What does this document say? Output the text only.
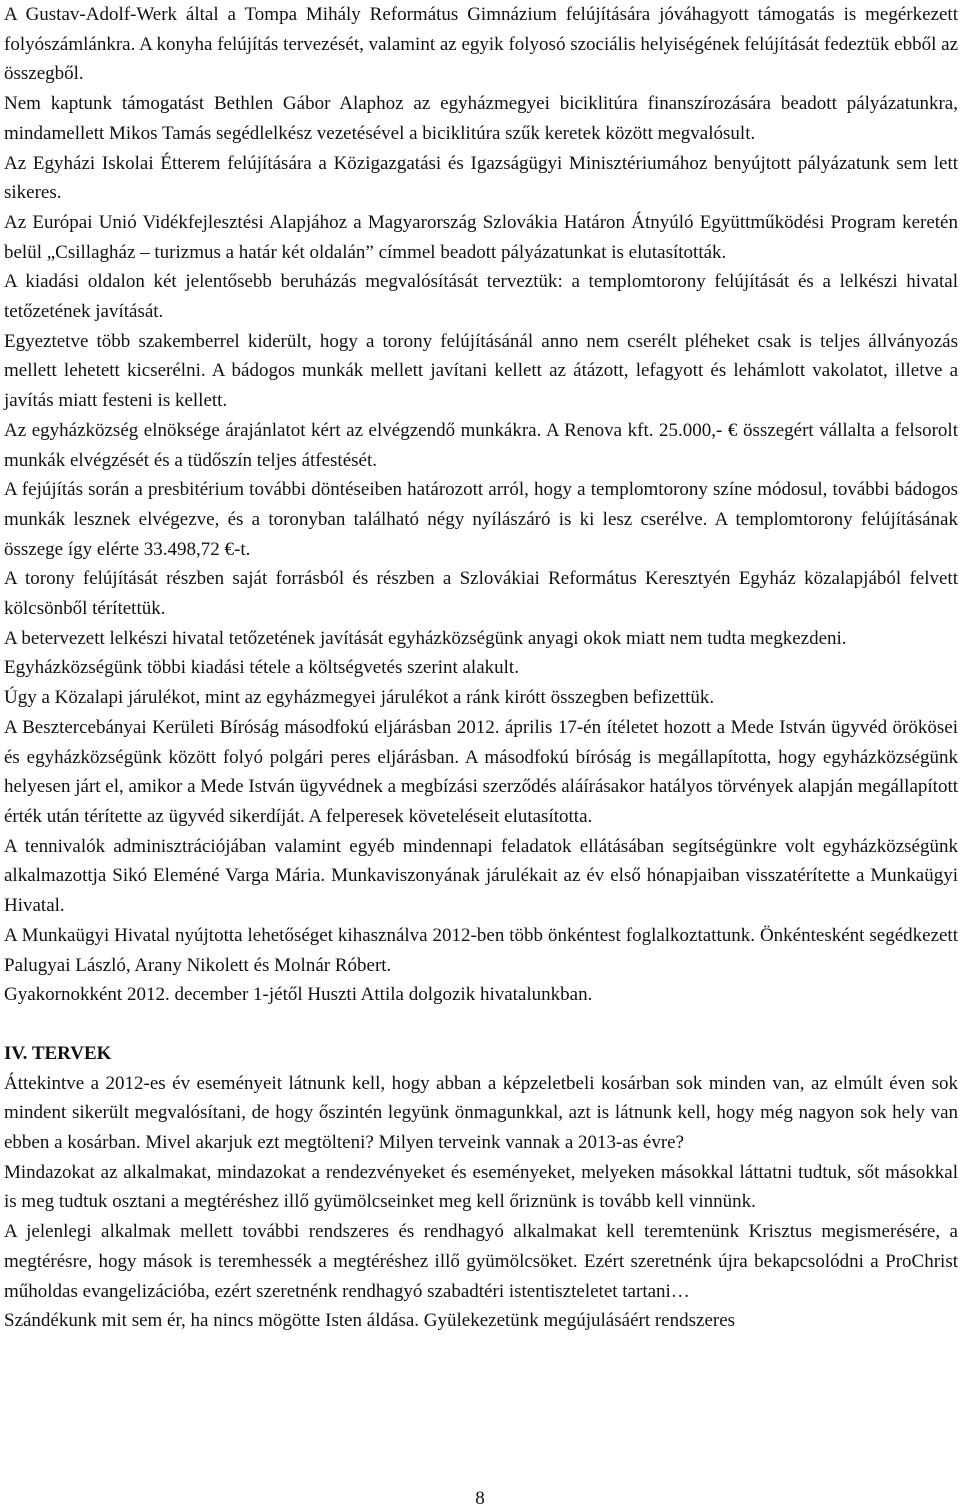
A Gustav-Adolf-Werk által a Tompa Mihály Református Gimnázium felújítására jóváhagyott támogatás is megérkezett folyószámlánkra. A konyha felújítás tervezését, valamint az egyik folyosó szociális helyiségének felújítását fedeztük ebből az összegből.

Nem kaptunk támogatást Bethlen Gábor Alaphoz az egyházmegyei biciklitúra finanszírozására beadott pályázatunkra, mindamellett Mikos Tamás segédlelkész vezetésével a biciklitúra szűk keretek között megvalósult.

Az Egyházi Iskolai Étterem felújítására a Közigazgatási és Igazságügyi Minisztériumához benyújtott pályázatunk sem lett sikeres.

Az Európai Unió Vidékfejlesztési Alapjához a Magyarország Szlovákia Határon Átnyúló Együttműködési Program keretén belül „Csillagház – turizmus a határ két oldalán” címmel beadott pályázatunkat is elutasították.

A kiadási oldalon két jelentősebb beruházás megvalósítását terveztük: a templomtorony felújítását és a lelkészi hivatal tetőzetének javítását.

Egyeztetve több szakemberrel kiderült, hogy a torony felújításánál anno nem cserélt pléheket csak is teljes állványozás mellett lehetett kicserélni. A bádogos munkák mellett javítani kellett az átázott, lefagyott és lehámlott vakolatot, illetve a javítás miatt festeni is kellett.

Az egyházközség elnöksége árajánlatot kért az elvégzendő munkákra. A Renova kft. 25.000,- € összegért vállalta a felsorolt munkák elvégzését és a tüdőszín teljes átfestését.

A fejújítás során a presbitérium további döntéseiben határozott arról, hogy a templomtorony színe módosul, további bádogos munkák lesznek elvégezve, és a toronyban található négy nyílászáró is ki lesz cserélve. A templomtorony felújításának összege így elérte 33.498,72 €-t.

A torony felújítását részben saját forrásból és részben a Szlovákiai Református Keresztyén Egyház közalapjából felvett kölcsönből térítettük.

A betervezett lelkészi hivatal tetőzetének javítását egyházközségünk anyagi okok miatt nem tudta megkezdeni.

Egyházközségünk többi kiadási tétele a költségvetés szerint alakult.

Úgy a Közalapi járulékot, mint az egyházmegyei járulékot a ránk kirótt összegben befizettük.

A Besztercebányai Kerületi Bíróság másodfokú eljárásban 2012. április 17-én ítéletet hozott a Mede István ügyvéd örökösei és egyházközségünk között folyó polgári peres eljárásban. A másodfokú bíróság is megállapította, hogy egyházközségünk helyesen járt el, amikor a Mede István ügyvédnek a megbízási szerződés aláírásakor hatályos törvények alapján megállapított érték után térítette az ügyvéd sikerdíját. A felperesek követeléseit elutasította.

A tennivalók adminisztrációjában valamint egyéb mindennapi feladatok ellátásában segítségünkre volt egyházközségünk alkalmazottja Sikó Eleméné Varga Mária. Munkaviszonyának járulékait az év első hónapjaiban visszatérítette a Munkaügyi Hivatal.

A Munkaügyi Hivatal nyújtotta lehetőséget kihasználva 2012-ben több önkéntest foglalkoztattunk. Önkéntesként segédkezett Palugyai László, Arany Nikolett és Molnár Róbert.

Gyakornokként 2012. december 1-jétől Huszti Attila dolgozik hivatalunkban.

IV. TERVEK

Áttekintve a 2012-es év eseményeit látnunk kell, hogy abban a képzeletbeli kosárban sok minden van, az elmúlt éven sok mindent sikerült megvalósítani, de hogy őszintén legyünk önmagunkkal, azt is látnunk kell, hogy még nagyon sok hely van ebben a kosárban. Mivel akarjuk ezt megtölteni? Milyen terveink vannak a 2013-as évre?

Mindazokat az alkalmakat, mindazokat a rendezvényeket és eseményeket, melyeken másokkal láttatni tudtuk, sőt másokkal is meg tudtuk osztani a megtéréshez illő gyümölcseinket meg kell őriznünk is tovább kell vinnünk.

A jelenlegi alkalmak mellett további rendszeres és rendhagyó alkalmakat kell teremtenünk Krisztus megismerésére, a megtérésre, hogy mások is teremhessék a megtéréshez illő gyümölcsöket. Ezért szeretnénk újra bekapcsolódni a ProChrist műholdas evangelizációba, ezért szeretnénk rendhagyó szabadtéri istentiszteletet tartani…

Szándékunk mit sem ér, ha nincs mögötte Isten áldása. Gyülekezetünk megújulásáért rendszeres

8
